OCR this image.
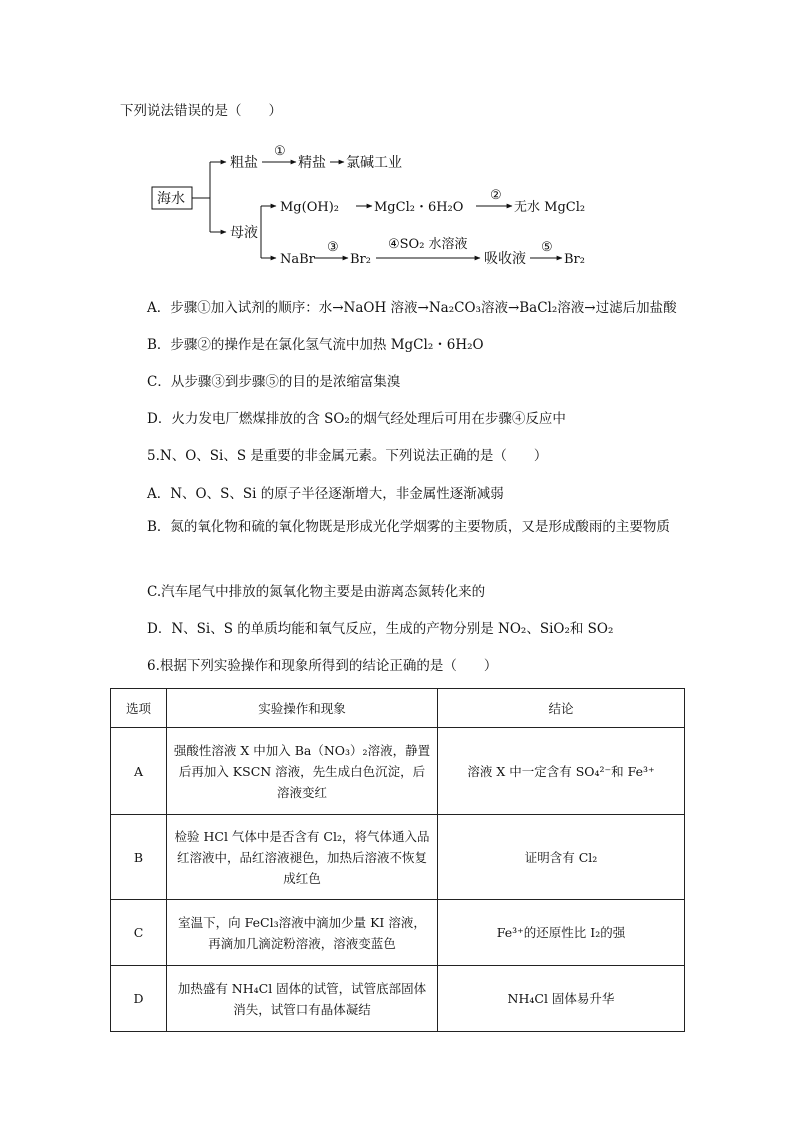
下列说法错误的是（　　）
海水
粗盐
①
精盐 氯碱工业
母液
Mg(OH)₂	MgCl₂・6H₂O
②
无水 MgCl₂
NaBr
③
Br₂
④SO₂ 水溶液
吸收液
⑤
Br₂
A．步骤①加入试剂的顺序：水→NaOH 溶液→Na₂CO₃溶液→BaCl₂溶液→过滤后加盐酸
B．步骤②的操作是在氯化氢气流中加热 MgCl₂・6H₂O
C．从步骤③到步骤⑤的目的是浓缩富集溴
D．火力发电厂燃煤排放的含 SO₂的烟气经处理后可用在步骤④反应中
5.N、O、Si、S 是重要的非金属元素。下列说法正确的是（　　）
A．N、O、S、Si 的原子半径逐渐增大，非金属性逐渐减弱
B．氮的氧化物和硫的氧化物既是形成光化学烟雾的主要物质，又是形成酸雨的主要物质
C.汽车尾气中排放的氮氧化物主要是由游离态氮转化来的
D．N、Si、S 的单质均能和氧气反应，生成的产物分别是 NO₂、SiO₂和 SO₂
6.根据下列实验操作和现象所得到的结论正确的是（　　）
选项	实验操作和现象	结论
A	强酸性溶液 X 中加入 Ba（NO₃）₂溶液，静置后再加入 KSCN 溶液，先生成白色沉淀，后溶液变红	溶液 X 中一定含有 SO₄²⁻和 Fe³⁺
B	检验 HCl 气体中是否含有 Cl₂，将气体通入品红溶液中，品红溶液褪色，加热后溶液不恢复成红色	证明含有 Cl₂
C	室温下，向 FeCl₃溶液中滴加少量 KI 溶液，再滴加几滴淀粉溶液，溶液变蓝色	Fe³⁺的还原性比 I₂的强
D	加热盛有 NH₄Cl 固体的试管，试管底部固体消失，试管口有晶体凝结	NH₄Cl 固体易升华
